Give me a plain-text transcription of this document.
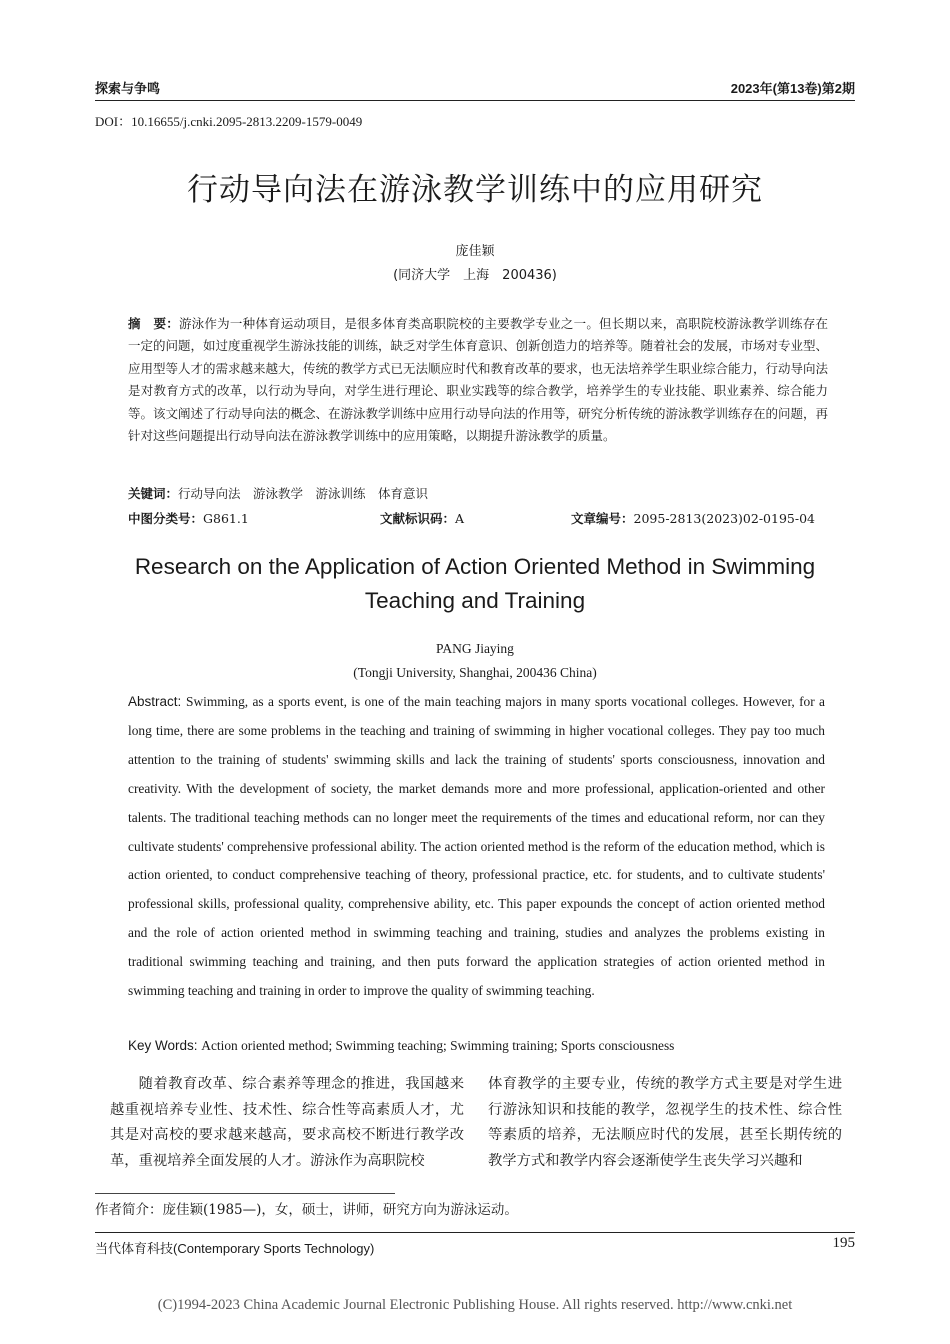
探索与争鸣	2023年(第13卷)第2期
DOI：10.16655/j.cnki.2095-2813.2209-1579-0049
行动导向法在游泳教学训练中的应用研究
庞佳颖
(同济大学　上海　200436)
摘　要：游泳作为一种体育运动项目，是很多体育类高职院校的主要教学专业之一。但长期以来，高职院校游泳教学训练存在一定的问题，如过度重视学生游泳技能的训练，缺乏对学生体育意识、创新创造力的培养等。随着社会的发展，市场对专业型、应用型等人才的需求越来越大，传统的教学方式已无法顺应时代和教育改革的要求，也无法培养学生职业综合能力，行动导向法是对教育方式的改革，以行动为导向，对学生进行理论、职业实践等的综合教学，培养学生的专业技能、职业素养、综合能力等。该文阐述了行动导向法的概念、在游泳教学训练中应用行动导向法的作用等，研究分析传统的游泳教学训练存在的问题，再针对这些问题提出行动导向法在游泳教学训练中的应用策略，以期提升游泳教学的质量。
关键词：行动导向法　游泳教学　游泳训练　体育意识
中图分类号：G861.1	文献标识码：A	文章编号：2095-2813(2023)02-0195-04
Research on the Application of Action Oriented Method in Swimming
Teaching and Training
PANG Jiaying
(Tongji University, Shanghai, 200436 China)
Abstract: Swimming, as a sports event, is one of the main teaching majors in many sports vocational colleges. However, for a long time, there are some problems in the teaching and training of swimming in higher vocational colleges. They pay too much attention to the training of students' swimming skills and lack the training of students' sports consciousness, innovation and creativity. With the development of society, the market demands more and more professional, application-oriented and other talents. The traditional teaching methods can no longer meet the requirements of the times and educational reform, nor can they cultivate students' comprehensive professional ability. The action oriented method is the reform of the education method, which is action oriented, to conduct comprehensive teaching of theory, professional practice, etc. for students, and to cultivate students' professional skills, professional quality, comprehensive ability, etc. This paper expounds the concept of action oriented method and the role of action oriented method in swimming teaching and training, studies and analyzes the problems existing in traditional swimming teaching and training, and then puts forward the application strategies of action oriented method in swimming teaching and training in order to improve the quality of swimming teaching.
Key Words: Action oriented method; Swimming teaching; Swimming training; Sports consciousness
随着教育改革、综合素养等理念的推进，我国越来越重视培养专业性、技术性、综合性等高素质人才，尤其是对高校的要求越来越高，要求高校不断进行教学改革，重视培养全面发展的人才。游泳作为高职院校
体育教学的主要专业，传统的教学方式主要是对学生进行游泳知识和技能的教学，忽视学生的技术性、综合性等素质的培养，无法顺应时代的发展，甚至长期传统的教学方式和教学内容会逐渐使学生丧失学习兴趣和
作者简介：庞佳颖(1985—)，女，硕士，讲师，研究方向为游泳运动。
当代体育科技(Contemporary Sports Technology)	195
(C)1994-2023 China Academic Journal Electronic Publishing House. All rights reserved. http://www.cnki.net
